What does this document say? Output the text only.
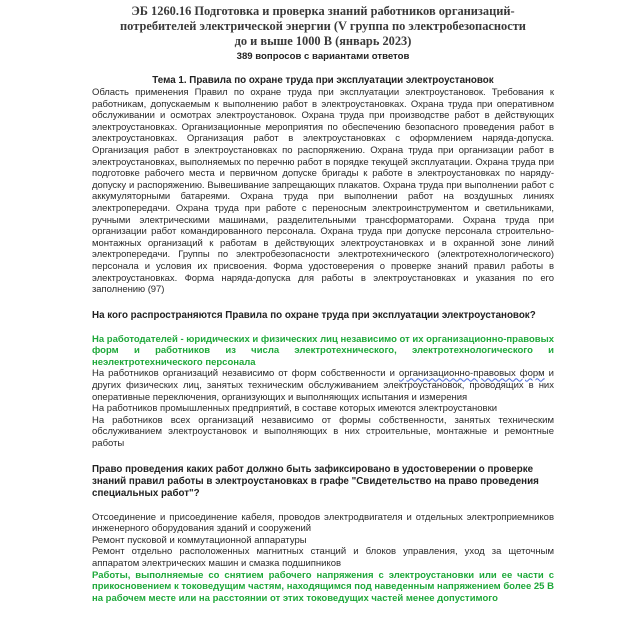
ЭБ 1260.16 Подготовка и проверка знаний работников организаций-
потребителей электрической энергии (V группа по электробезопасности
до и выше 1000 В (январь 2023)

389 вопросов с вариантами ответов

Тема 1. Правила по охране труда при эксплуатации электроустановок

Область применения Правил по охране труда при эксплуатации электроустановок. Требования к работникам, допускаемым к выполнению работ в электроустановках. Охрана труда при оперативном обслуживании и осмотрах электроустановок. Охрана труда при производстве работ в действующих электроустановках. Организационные мероприятия по обеспечению безопасного проведения работ в электроустановках. Организация работ в электроустановках с оформлением наряда-допуска. Организация работ в электроустановках по распоряжению. Охрана труда при организации работ в электроустановках, выполняемых по перечню работ в порядке текущей эксплуатации. Охрана труда при подготовке рабочего места и первичном допуске бригады к работе в электроустановках по наряду-допуску и распоряжению. Вывешивание запрещающих плакатов. Охрана труда при выполнении работ с аккумуляторными батареями. Охрана труда при выполнении работ на воздушных линиях электропередачи. Охрана труда при работе с переносным электроинструментом и светильниками, ручными электрическими машинами, разделительными трансформаторами. Охрана труда при организации работ командированного персонала. Охрана труда при допуске персонала строительно-монтажных организаций к работам в действующих электроустановках и в охранной зоне линий электропередачи. Группы по электробезопасности электротехнического (электротехнологического) персонала и условия их присвоения. Форма удостоверения о проверке знаний правил работы в электроустановках. Форма наряда-допуска для работы в электроустановках и указания по его заполнению (97)

На кого распространяются Правила по охране труда при эксплуатации электроустановок?

На работодателей - юридических и физических лиц независимо от их организационно-правовых форм и работников из числа электротехнического, электротехнологического и неэлектротехнического персонала

На работников организаций независимо от форм собственности и организационно-правовых форм и других физических лиц, занятых техническим обслуживанием электроустановок, проводящих в них оперативные переключения, организующих и выполняющих испытания и измерения

На работников промышленных предприятий, в составе которых имеются электроустановки

На работников всех организаций независимо от формы собственности, занятых техническим обслуживанием электроустановок и выполняющих в них строительные, монтажные и ремонтные работы

Право проведения каких работ должно быть зафиксировано в удостоверении о проверке знаний правил работы в электроустановках в графе "Свидетельство на право проведения специальных работ"?

Отсоединение и присоединение кабеля, проводов электродвигателя и отдельных электроприемников инженерного оборудования зданий и сооружений

Ремонт пусковой и коммутационной аппаратуры

Ремонт отдельно расположенных магнитных станций и блоков управления, уход за щеточным аппаратом электрических машин и смазка подшипников

Работы, выполняемые со снятием рабочего напряжения с электроустановки или ее части с прикосновением к токоведущим частям, находящимся под наведенным напряжением более 25 В на рабочем месте или на расстоянии от этих токоведущих частей менее допустимого
